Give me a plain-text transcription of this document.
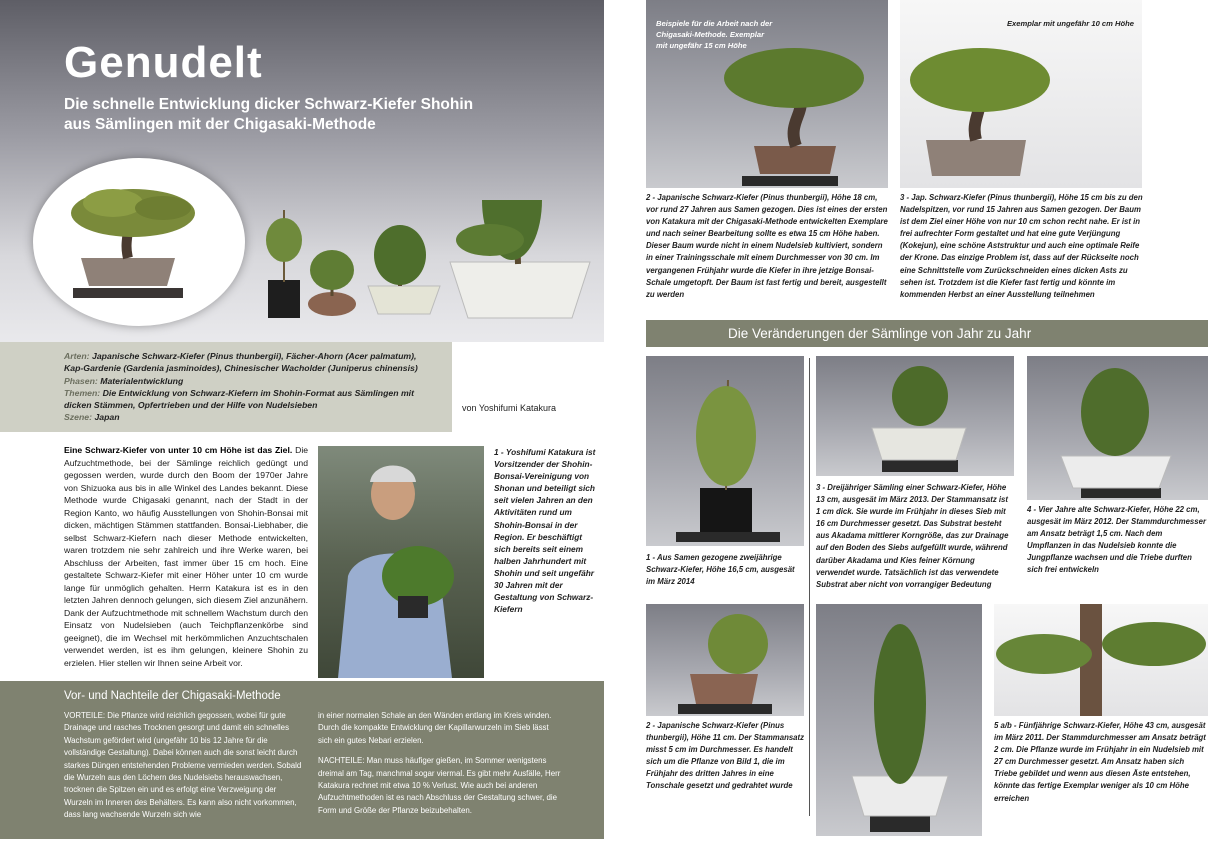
Genudelt
Die schnelle Entwicklung dicker Schwarz-Kiefer Shohin
aus Sämlingen mit der Chigasaki-Methode
Arten: Japanische Schwarz-Kiefer (Pinus thunbergii), Fächer-Ahorn (Acer palmatum),
Kap-Gardenie (Gardenia jasminoides), Chinesischer Wacholder (Juniperus chinensis)
Phasen: Materialentwicklung
Themen: Die Entwicklung von Schwarz-Kiefern im Shohin-Format aus Sämlingen mit
dicken Stämmen, Opfertrieben und der Hilfe von Nudelsieben
Szene: Japan
von Yoshifumi Katakura
Eine Schwarz-Kiefer von unter 10 cm Höhe ist das Ziel. Die Aufzuchtmethode, bei der Sämlinge reichlich gedüngt und gegossen werden, wurde durch den Boom der 1970er Jahre von Shizuoka aus bis in alle Winkel des Landes bekannt. Diese Methode wurde Chigasaki genannt, nach der Stadt in der Region Kanto, wo häufig Ausstellungen von Shohin-Bonsai mit dicken, mächtigen Stämmen stattfanden. Bonsai-Liebhaber, die selbst Schwarz-Kiefern nach dieser Methode entwickelten, waren trotzdem nie sehr zahlreich und ihre Werke waren, bei Abschluss der Arbeiten, fast immer über 15 cm hoch. Eine gestaltete Schwarz-Kiefer mit einer Höher unter 10 cm wurde lange für unmöglich gehalten. Herrn Katakura ist es in den letzten Jahren dennoch gelungen, sich diesem Ziel anzunähern. Dank der Aufzuchtmethode mit schnellem Wachstum durch den Einsatz von Nudelsieben (auch Teichpflanzenkörbe sind geeignet), die im Wechsel mit herkömmlichen Anzuchtschalen verwendet werden, ist es ihm gelungen, kleinere Shohin zu erzielen. Hier stellen wir Ihnen seine Arbeit vor.
1 - Yoshifumi Katakura ist Vorsitzender der Shohin-Bonsai-Vereinigung von Shonan und beteiligt sich seit vielen Jahren an den Aktivitäten rund um Shohin-Bonsai in der Region. Er beschäftigt sich bereits seit einem halben Jahrhundert mit Shohin und seit ungefähr 30 Jahren mit der Gestaltung von Schwarz-Kiefern
Vor- und Nachteile der Chigasaki-Methode
VORTEILE: Die Pflanze wird reichlich gegossen, wobei für gute Drainage und rasches Trocknen gesorgt und damit ein schnelles Wachstum gefördert wird (ungefähr 10 bis 12 Jahre für die vollständige Gestaltung). Dabei können auch die sonst leicht durch starkes Düngen entstehenden Probleme vermieden werden. Sobald die Wurzeln aus den Löchern des Nudelsiebs herauswachsen, trocknen die Spitzen ein und es erfolgt eine Verzweigung der Wurzeln im Inneren des Behälters. Es kann also nicht vorkommen, dass lang wachsende Wurzeln sich wie
in einer normalen Schale an den Wänden entlang im Kreis winden. Durch die kompakte Entwicklung der Kapillarwurzeln im Sieb lässt sich ein gutes Nebari erzielen.
NACHTEILE: Man muss häufiger gießen, im Sommer wenigstens dreimal am Tag, manchmal sogar viermal. Es gibt mehr Ausfälle, Herr Katakura rechnet mit etwa 10 % Verlust. Wie auch bei anderen Aufzuchtmethoden ist es nach Abschluss der Gestaltung schwer, die Form und Größe der Pflanze beizubehalten.
Beispiele für die Arbeit nach der Chigasaki-Methode. Exemplar mit ungefähr 15 cm Höhe
Exemplar mit ungefähr 10 cm Höhe
2 - Japanische Schwarz-Kiefer (Pinus thunbergii), Höhe 18 cm, vor rund 27 Jahren aus Samen gezogen. Dies ist eines der ersten von Katakura mit der Chigasaki-Methode entwickelten Exemplare und nach seiner Bearbeitung sollte es etwa 15 cm Höhe haben. Dieser Baum wurde nicht in einem Nudelsieb kultiviert, sondern in einer Trainingsschale mit einem Durchmesser von 30 cm. Im vergangenen Frühjahr wurde die Kiefer in ihre jetzige Bonsai-Schale umgetopft. Der Baum ist fast fertig und bereit, ausgestellt zu werden
3 - Jap. Schwarz-Kiefer (Pinus thunbergii), Höhe 15 cm bis zu den Nadelspitzen, vor rund 15 Jahren aus Samen gezogen. Der Baum ist dem Ziel einer Höhe von nur 10 cm schon recht nahe. Er ist in frei aufrechter Form gestaltet und hat eine gute Verjüngung (Kokejun), eine schöne Aststruktur und auch eine optimale Reife der Krone. Das einzige Problem ist, dass auf der Rückseite noch eine Schnittstelle vom Zurückschneiden eines dicken Asts zu sehen ist. Trotzdem ist die Kiefer fast fertig und könnte im kommenden Herbst an einer Ausstellung teilnehmen
Die Veränderungen der Sämlinge von Jahr zu Jahr
1 - Aus Samen gezogene zweijährige Schwarz-Kiefer, Höhe 16,5 cm, ausgesät im März 2014
3 - Dreijähriger Sämling einer Schwarz-Kiefer, Höhe 13 cm, ausgesät im März 2013. Der Stammansatz ist 1 cm dick. Sie wurde im Frühjahr in dieses Sieb mit 16 cm Durchmesser gesetzt. Das Substrat besteht aus Akadama mittlerer Korngröße, das zur Drainage auf den Boden des Siebs aufgefüllt wurde, während darüber Akadama und Kies feiner Körnung verwendet wurde. Tatsächlich ist das verwendete Substrat aber nicht von vorrangiger Bedeutung
4 - Vier Jahre alte Schwarz-Kiefer, Höhe 22 cm, ausgesät im März 2012. Der Stammdurchmesser am Ansatz beträgt 1,5 cm. Nach dem Umpflanzen in das Nudelsieb konnte die Jungpflanze wachsen und die Triebe durften sich frei entwickeln
2 - Japanische Schwarz-Kiefer (Pinus thunbergii), Höhe 11 cm. Der Stammansatz misst 5 cm im Durchmesser. Es handelt sich um die Pflanze von Bild 1, die im Frühjahr des dritten Jahres in eine Tonschale gesetzt und gedrahtet wurde
5 a/b - Fünfjährige Schwarz-Kiefer, Höhe 43 cm, ausgesät im März 2011. Der Stammdurchmesser am Ansatz beträgt 2 cm. Die Pflanze wurde im Frühjahr in ein Nudelsieb mit 27 cm Durchmesser gesetzt. Am Ansatz haben sich Triebe gebildet und wenn aus diesen Äste entstehen, könnte das fertige Exemplar weniger als 10 cm Höhe erreichen
